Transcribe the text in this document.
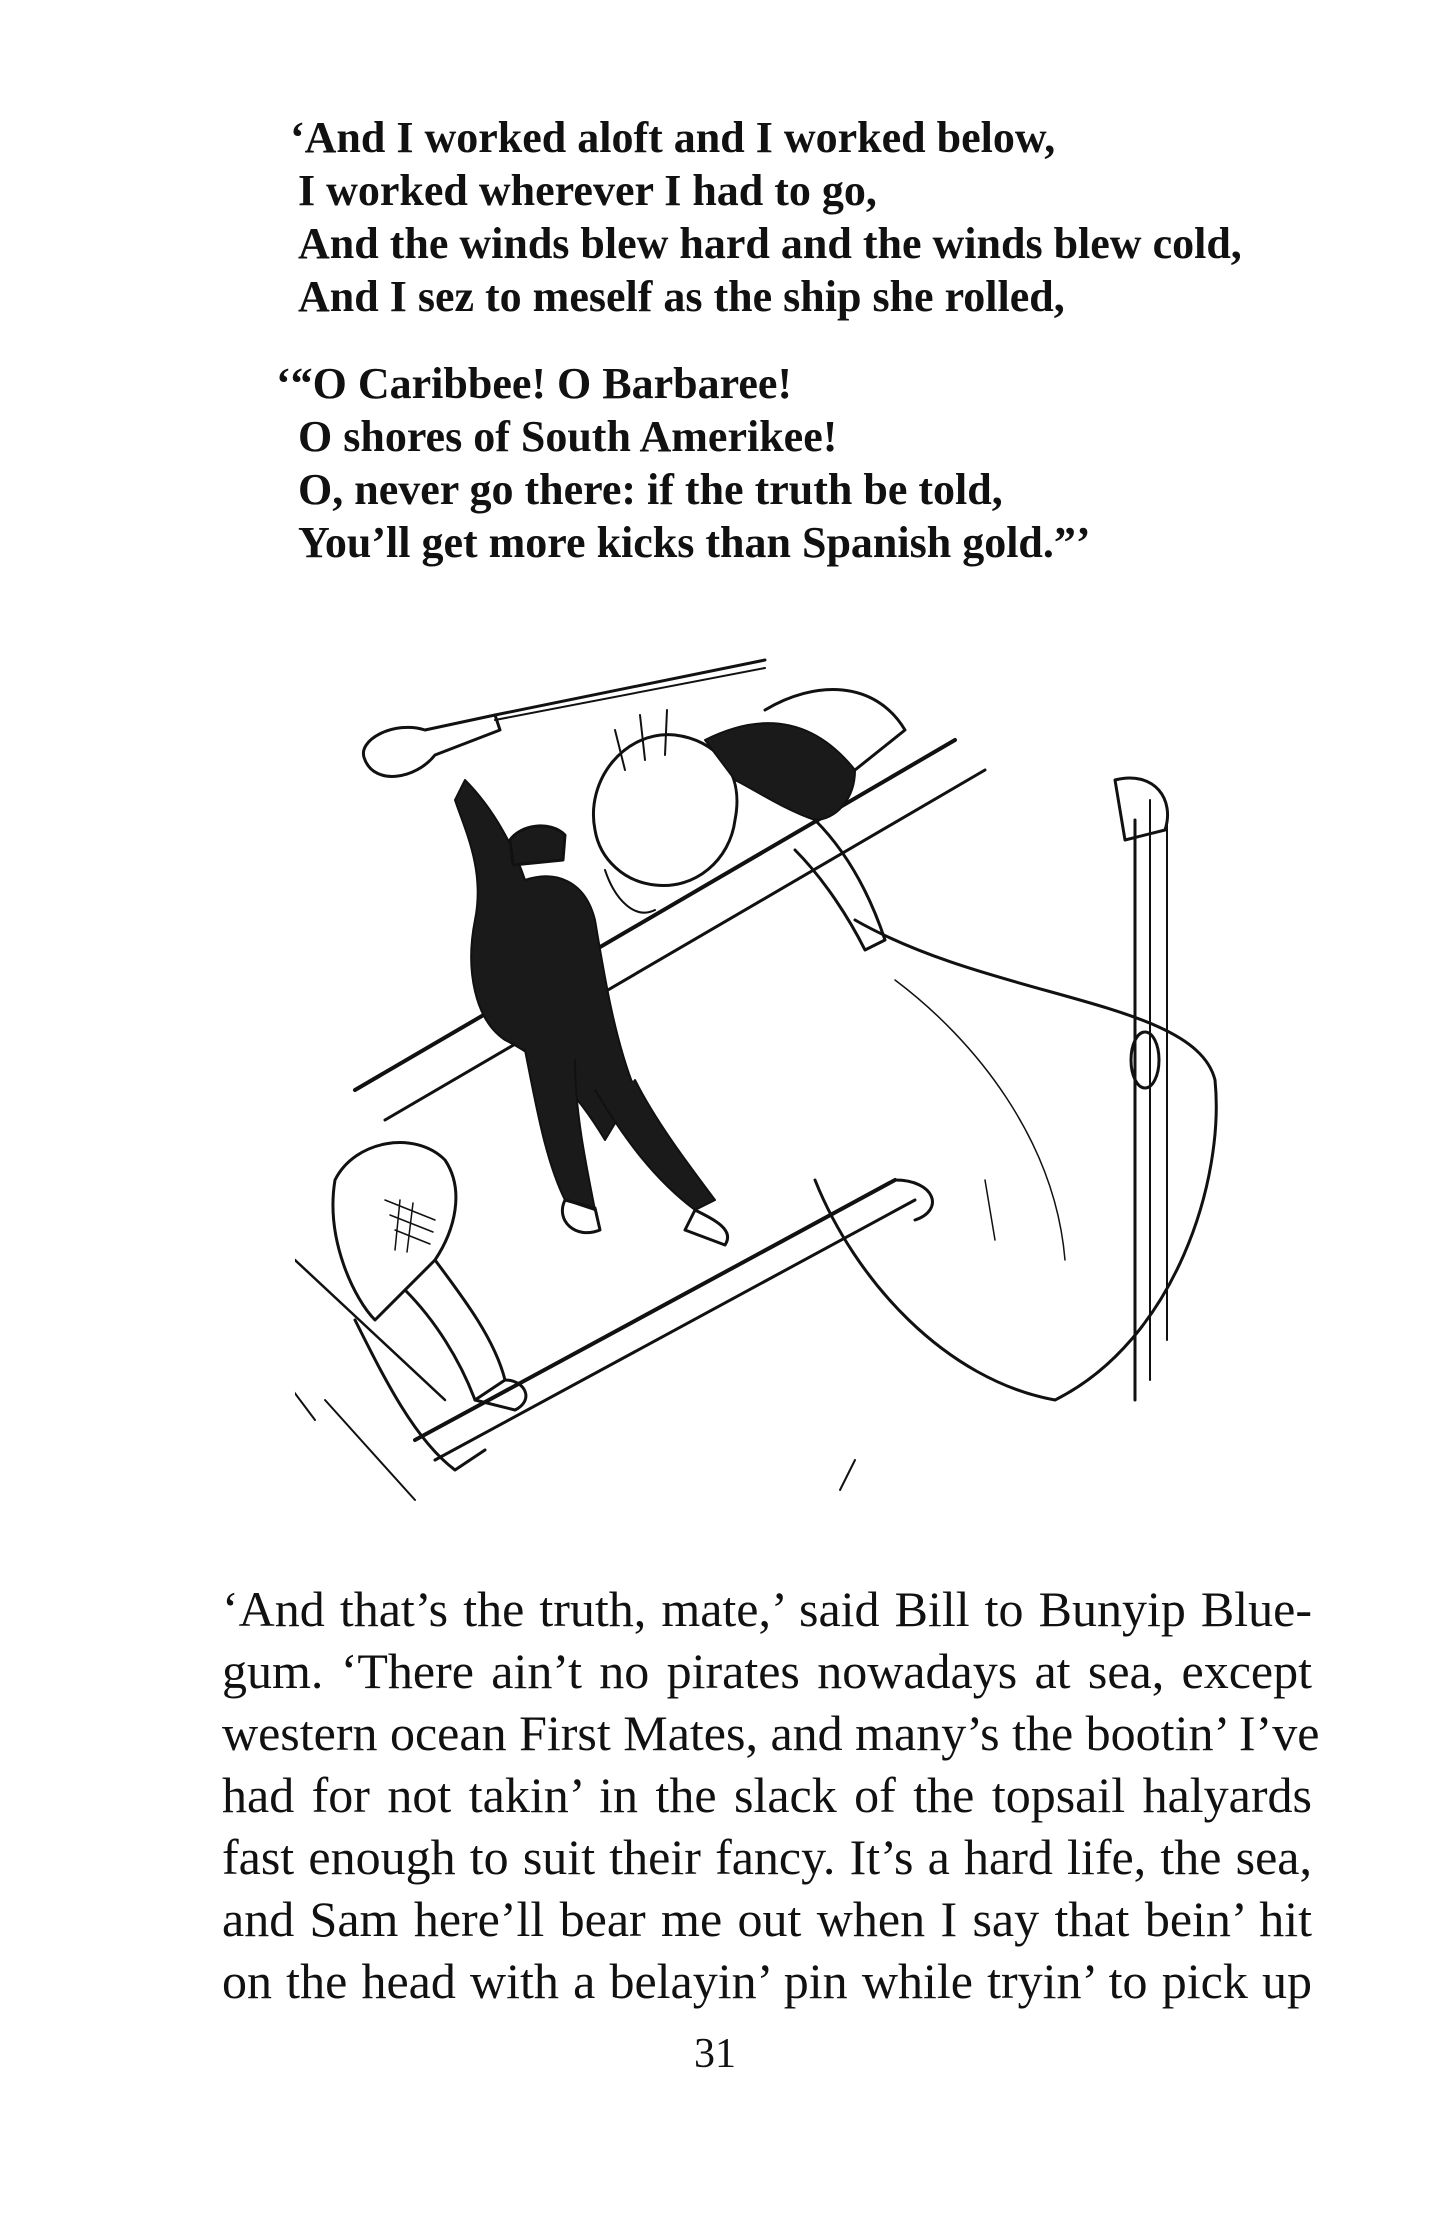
‘And I worked aloft and I worked below,
I worked wherever I had to go,
And the winds blew hard and the winds blew cold,
And I sez to meself as the ship she rolled,
‘“O Caribbee! O Barbaree!
O shores of South Amerikee!
O, never go there: if the truth be told,
You’ll get more kicks than Spanish gold.”’
‘And that’s the truth, mate,’ said Bill to Bunyip Blue-
gum. ‘There ain’t no pirates nowadays at sea, except
western ocean First Mates, and many’s the bootin’ I’ve
had for not takin’ in the slack of the topsail halyards
fast enough to suit their fancy. It’s a hard life, the sea,
and Sam here’ll bear me out when I say that bein’ hit
on the head with a belayin’ pin while tryin’ to pick up
31
